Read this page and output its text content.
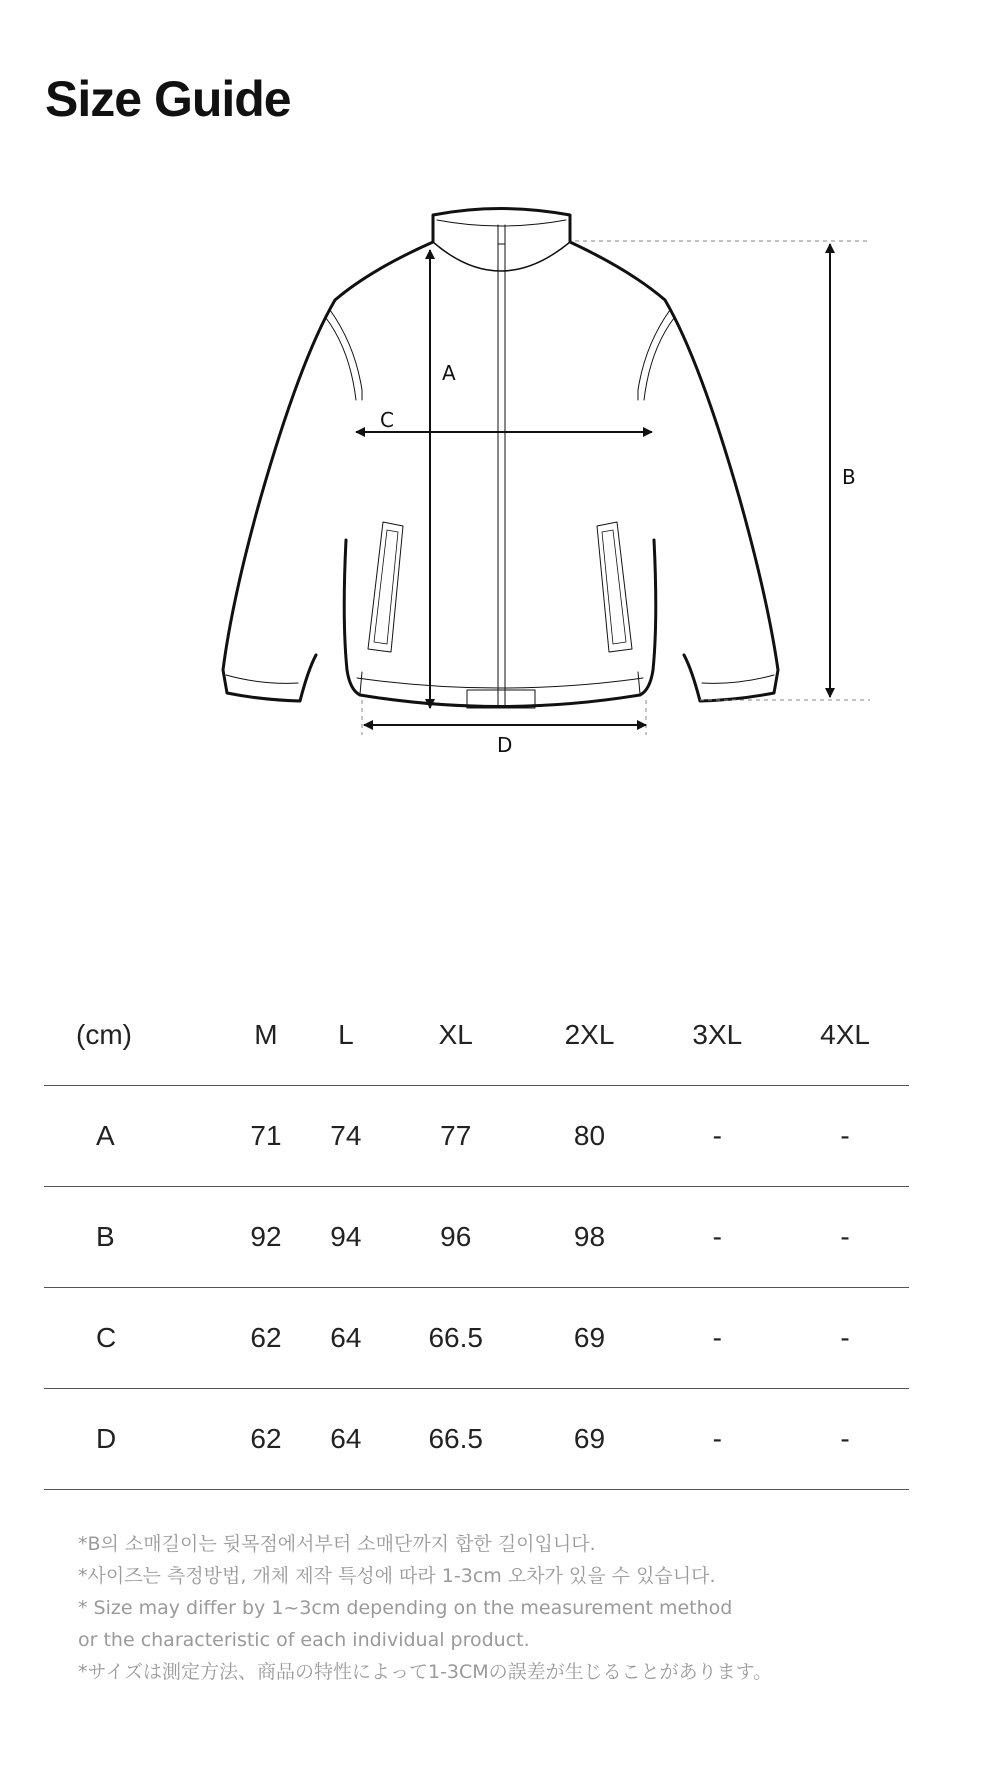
Size Guide
A
B
C
D
(cm)	M	L	XL	2XL	3XL	4XL
A	71	74	77	80	-	-
B	92	94	96	98	-	-
C	62	64	66.5	69	-	-
D	62	64	66.5	69	-	-

*B의 소매길이는 뒷목점에서부터 소매단까지 합한 길이입니다.

*사이즈는 측정방법, 개체 제작 특성에 따라 1-3cm 오차가 있을 수 있습니다.

* Size may differ by 1~3cm depending on the measurement method
or the characteristic of each individual product.

*サイズは測定方法、商品の特性によって1-3CMの誤差が生じることがあります。
